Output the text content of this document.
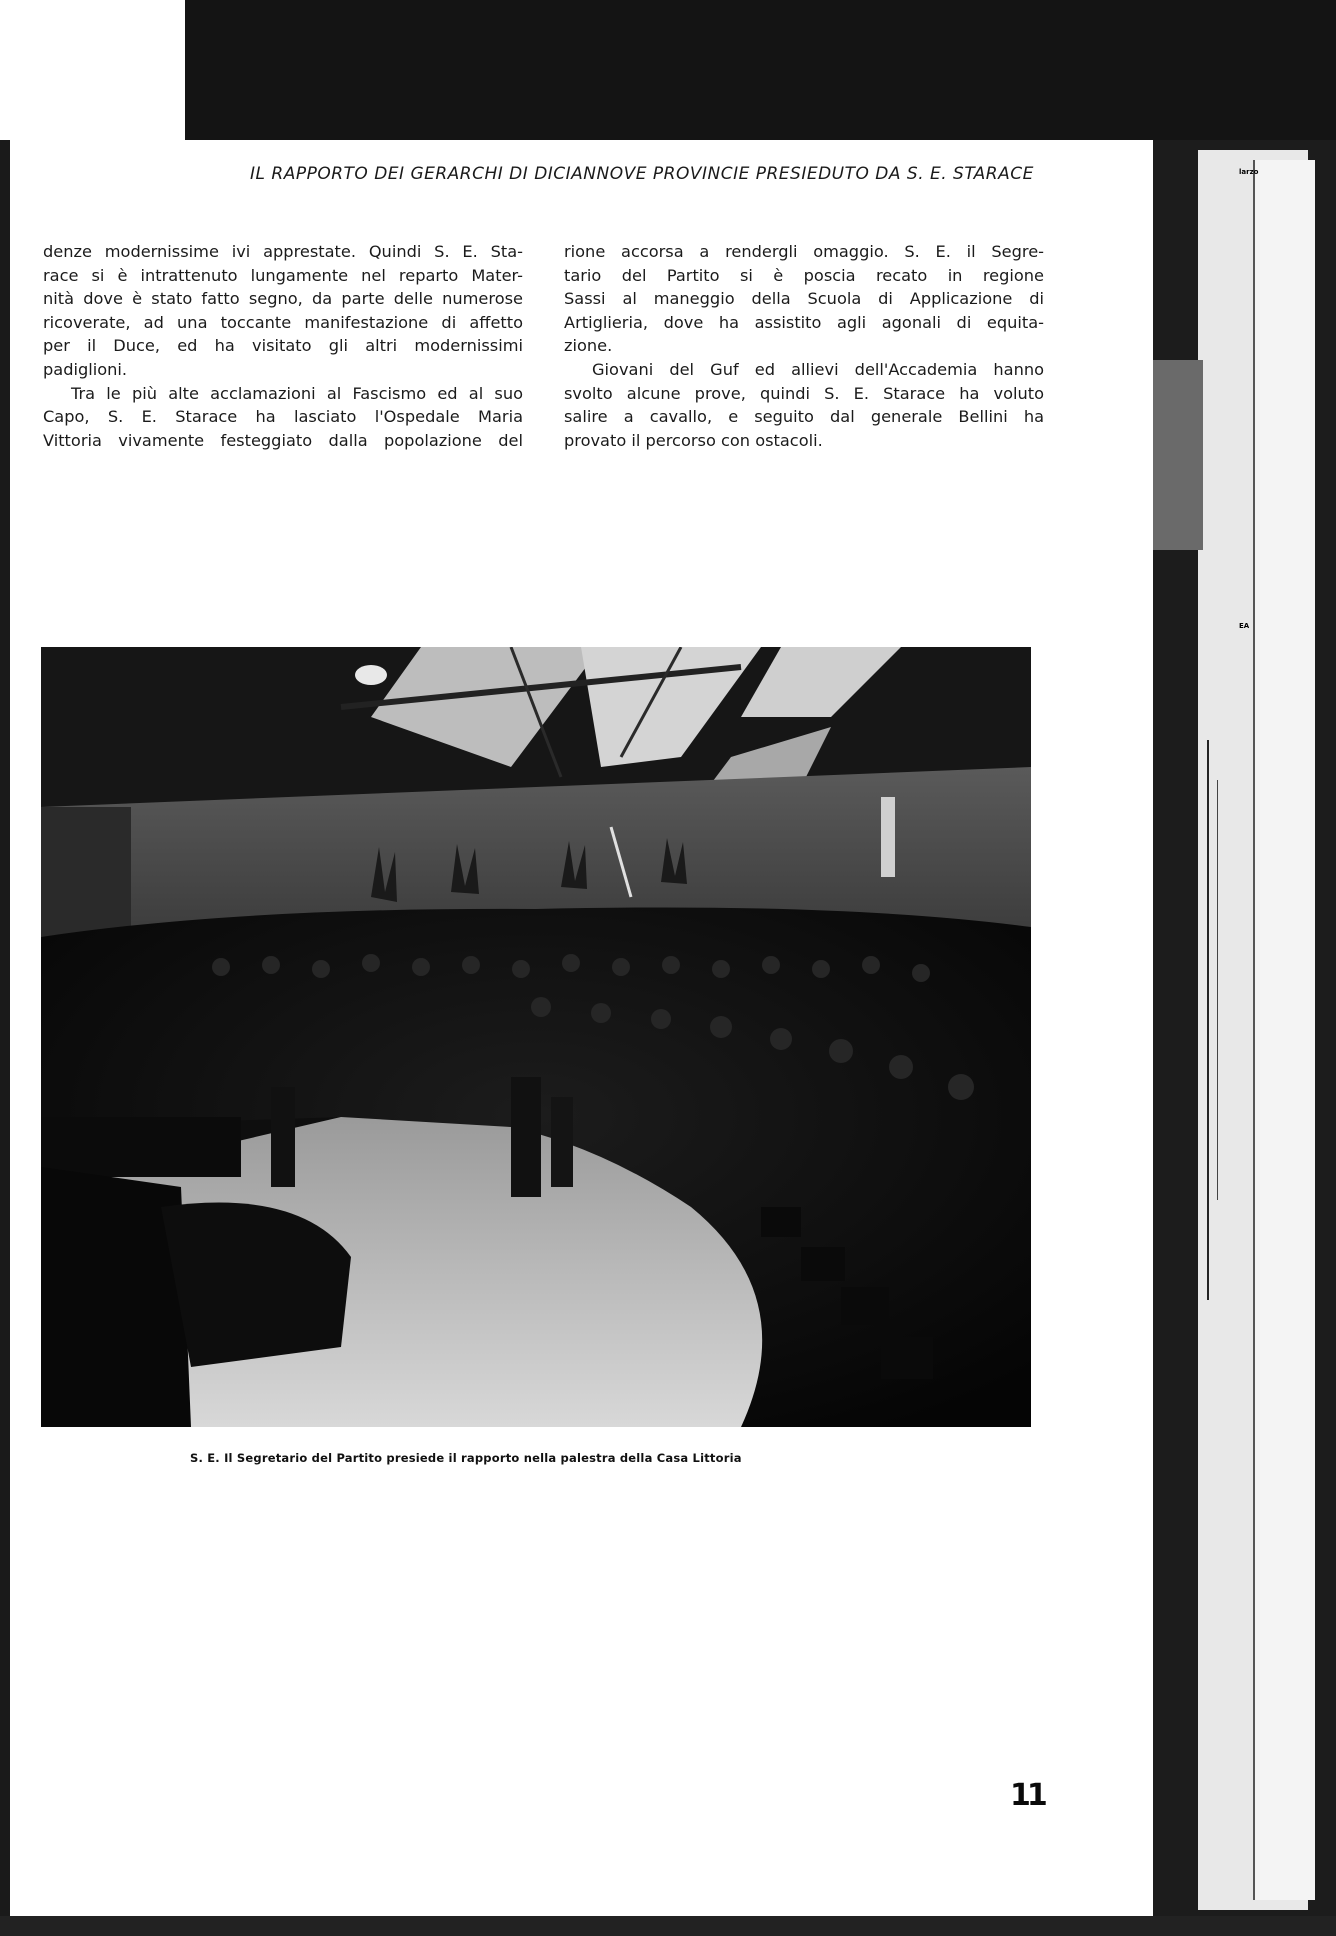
larzo
EA
IL RAPPORTO DEI GERARCHI DI DICIANNOVE PROVINCIE PRESIEDUTO DA S. E. STARACE

denze modernissime ivi apprestate. Quindi S. E. Sta-

race si è intrattenuto lungamente nel reparto Mater-

nità dove è stato fatto segno, da parte delle numerose

ricoverate, ad una toccante manifestazione di affetto

per il Duce, ed ha visitato gli altri modernissimi

padiglioni.

Tra le più alte acclamazioni al Fascismo ed al suo

Capo, S. E. Starace ha lasciato l'Ospedale Maria

Vittoria vivamente festeggiato dalla popolazione del

rione accorsa a rendergli omaggio. S. E. il Segre-

tario del Partito si è poscia recato in regione

Sassi al maneggio della Scuola di Applicazione di

Artiglieria, dove ha assistito agli agonali di equita-

zione.

Giovani del Guf ed allievi dell'Accademia hanno

svolto alcune prove, quindi S. E. Starace ha voluto

salire a cavallo, e seguito dal generale Bellini ha

provato il percorso con ostacoli.

S. E. Il Segretario del Partito presiede il rapporto nella palestra della Casa Littoria
11
